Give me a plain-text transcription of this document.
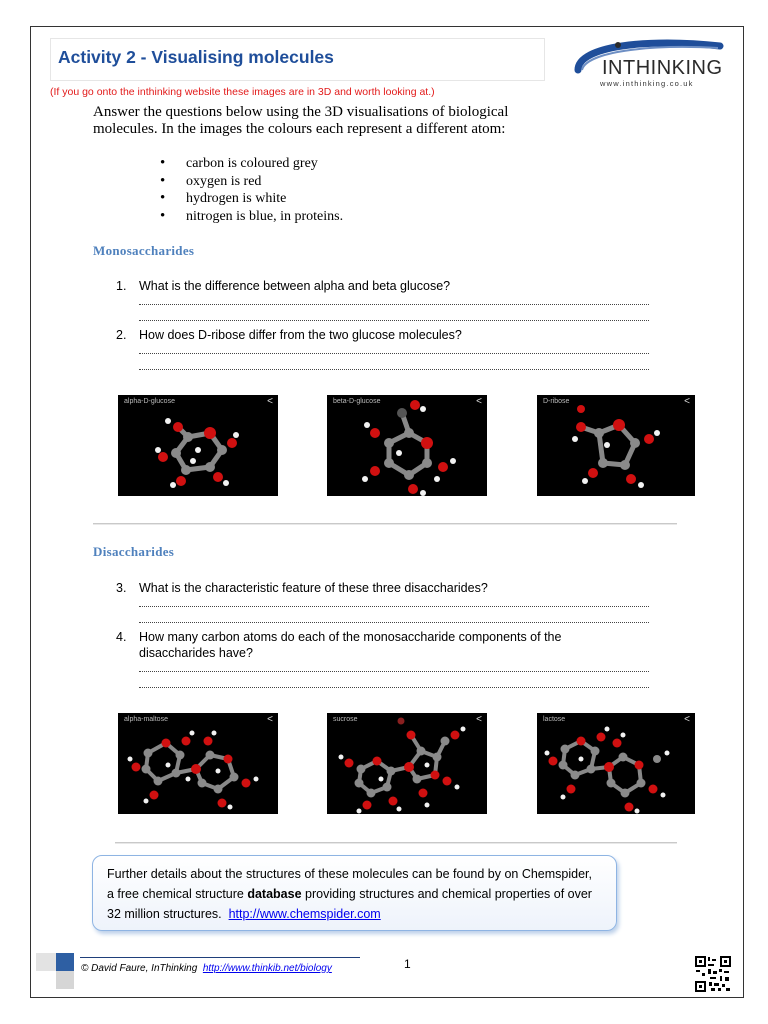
Activity 2 - Visualising molecules	INTHINKING
www.inthinking.co.uk
(If you go onto the inthinking website these images are in 3D and worth looking at.)
Answer the questions below using the 3D visualisations of biological molecules. In the images the colours each represent a different atom:
• carbon is coloured grey
• oxygen is red
• hydrogen is white
• nitrogen is blue, in proteins.
Monosaccharides
1. What is the difference between alpha and beta glucose?
2. How does D-ribose differ from the two glucose molecules?
alpha-D-glucose	<	beta-D-glucose	<	D-ribose	<
Disaccharides
3. What is the characteristic feature of these three disaccharides?
4. How many carbon atoms do each of the monosaccharide components of the disaccharides have?
alpha-maltose	<	sucrose	<	lactose	<
Further details about the structures of these molecules can be found by on Chemspider, a free chemical structure database providing structures and chemical properties of over 32 million structures. http://www.chemspider.com
© David Faure, InThinking http://www.thinkib.net/biology	1
